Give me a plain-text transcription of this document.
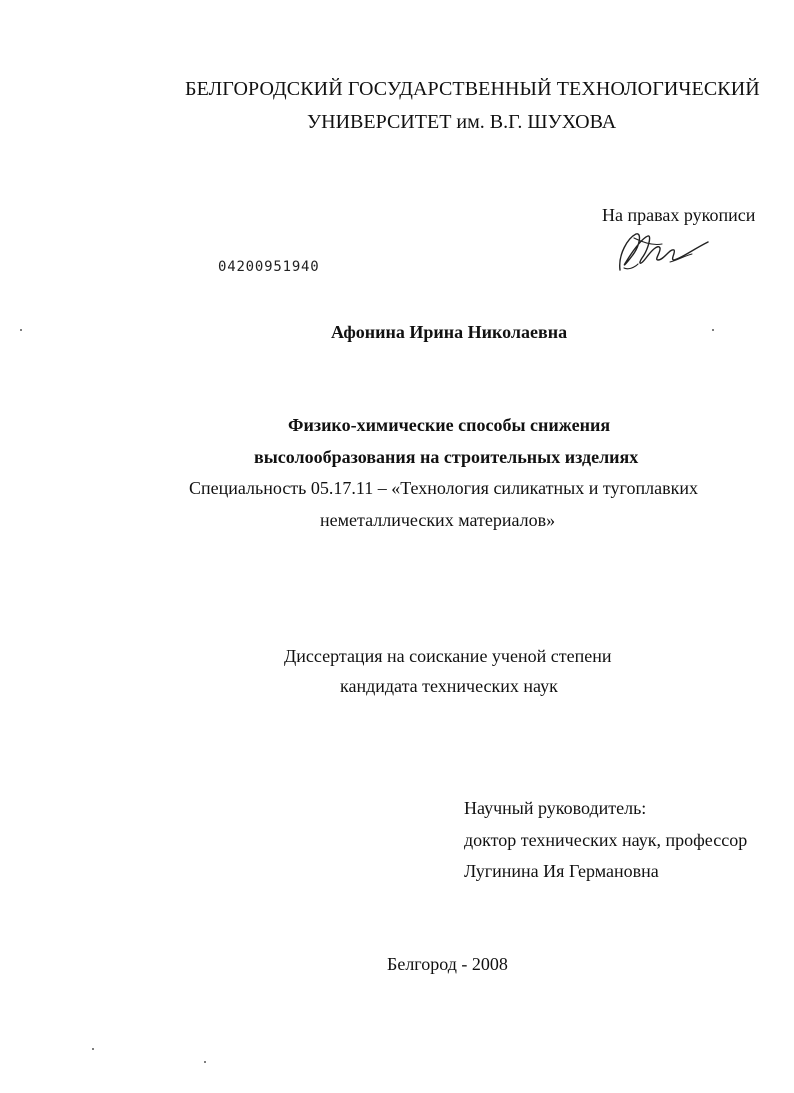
БЕЛГОРОДСКИЙ ГОСУДАРСТВЕННЫЙ ТЕХНОЛОГИЧЕСКИЙ
УНИВЕРСИТЕТ им. В.Г. ШУХОВА
На правах рукописи
04200951940
Афонина Ирина Николаевна
Физико-химические способы снижения
высолообразования на строительных изделиях
Специальность 05.17.11 – «Технология силикатных и тугоплавких
неметаллических материалов»
Диссертация на соискание ученой степени
кандидата технических наук
Научный руководитель:
доктор технических наук, профессор
Лугинина Ия Германовна
Белгород - 2008
